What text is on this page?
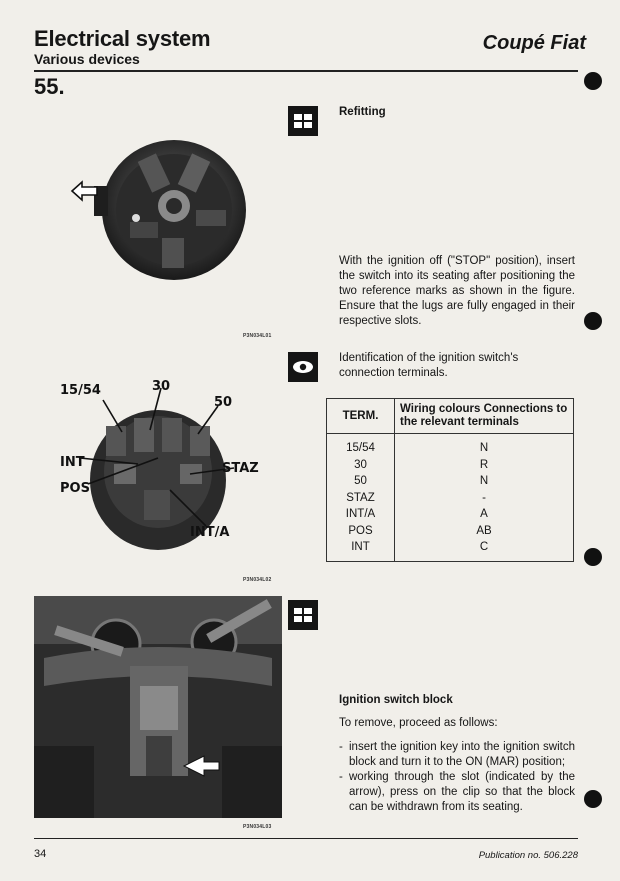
Electrical system
Various devices
Coupé Fiat
55.
P3N034L01
Refitting

With the ignition off ("STOP" position), insert the switch into its seating after positioning the two reference marks as shown in the figure. Ensure that the lugs are fully engaged in their respective slots.

15/54	30
50
INT
POS
STAZ
INT/A
P3N034L02

Identification of the ignition switch's connection terminals.

TERM.	Wiring colours Connections to the relevant terminals
15/54	N
30	R
50	N
STAZ	-
INT/A	A
POS	AB
INT	C
P3N034L03
Ignition switch block

To remove, proceed as follows:

- insert the ignition key into the ignition switch block and turn it to the ON (MAR) position;
- working through the slot (indicated by the arrow), press on the clip so that the block can be withdrawn from its seating.
34	Publication no. 506.228
